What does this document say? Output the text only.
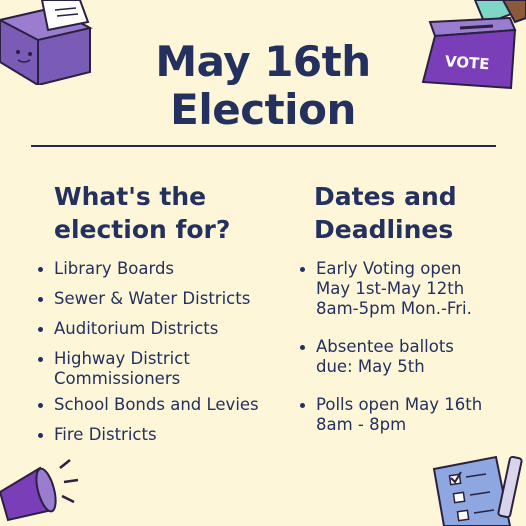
VOTE
May 16th
Election
What's the
election for?
Dates and
Deadlines
Library Boards
Sewer & Water Districts
Auditorium Districts
Highway District Commissioners
School Bonds and Levies
Fire Districts
Early Voting open
May 1st-May 12th
8am-5pm Mon.-Fri.
Absentee ballots
due: May 5th
Polls open May 16th
8am - 8pm
